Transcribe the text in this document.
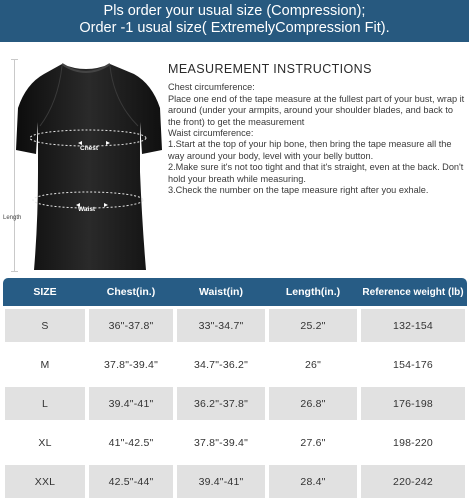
Pls order your usual size (Compression);
Order -1 usual size( ExtremelyCompression Fit).
Length
Chest
Waist
MEASUREMENT INSTRUCTIONS

Chest circumference:

Place one end of the tape measure at the fullest part of your bust, wrap it around (under your armpits, around your shoulder blades, and back to the front) to get the measurement

Waist circumference:

1.Start at the top of your hip bone, then bring the tape measure all the way around your body, level with your belly button.

2.Make sure it's not too tight and that it's straight, even at the back. Don't hold your breath while measuring.

3.Check the number on the tape measure right after you exhale.

SIZE	Chest(in.)	Waist(in)	Length(in.)	Reference weight (lb)
S	36"-37.8"	33"-34.7"	25.2"	132-154
M	37.8"-39.4"	34.7"-36.2"	26"	154-176
L	39.4"-41"	36.2"-37.8"	26.8"	176-198
XL	41"-42.5"	37.8"-39.4"	27.6"	198-220
XXL	42.5"-44"	39.4"-41"	28.4"	220-242
